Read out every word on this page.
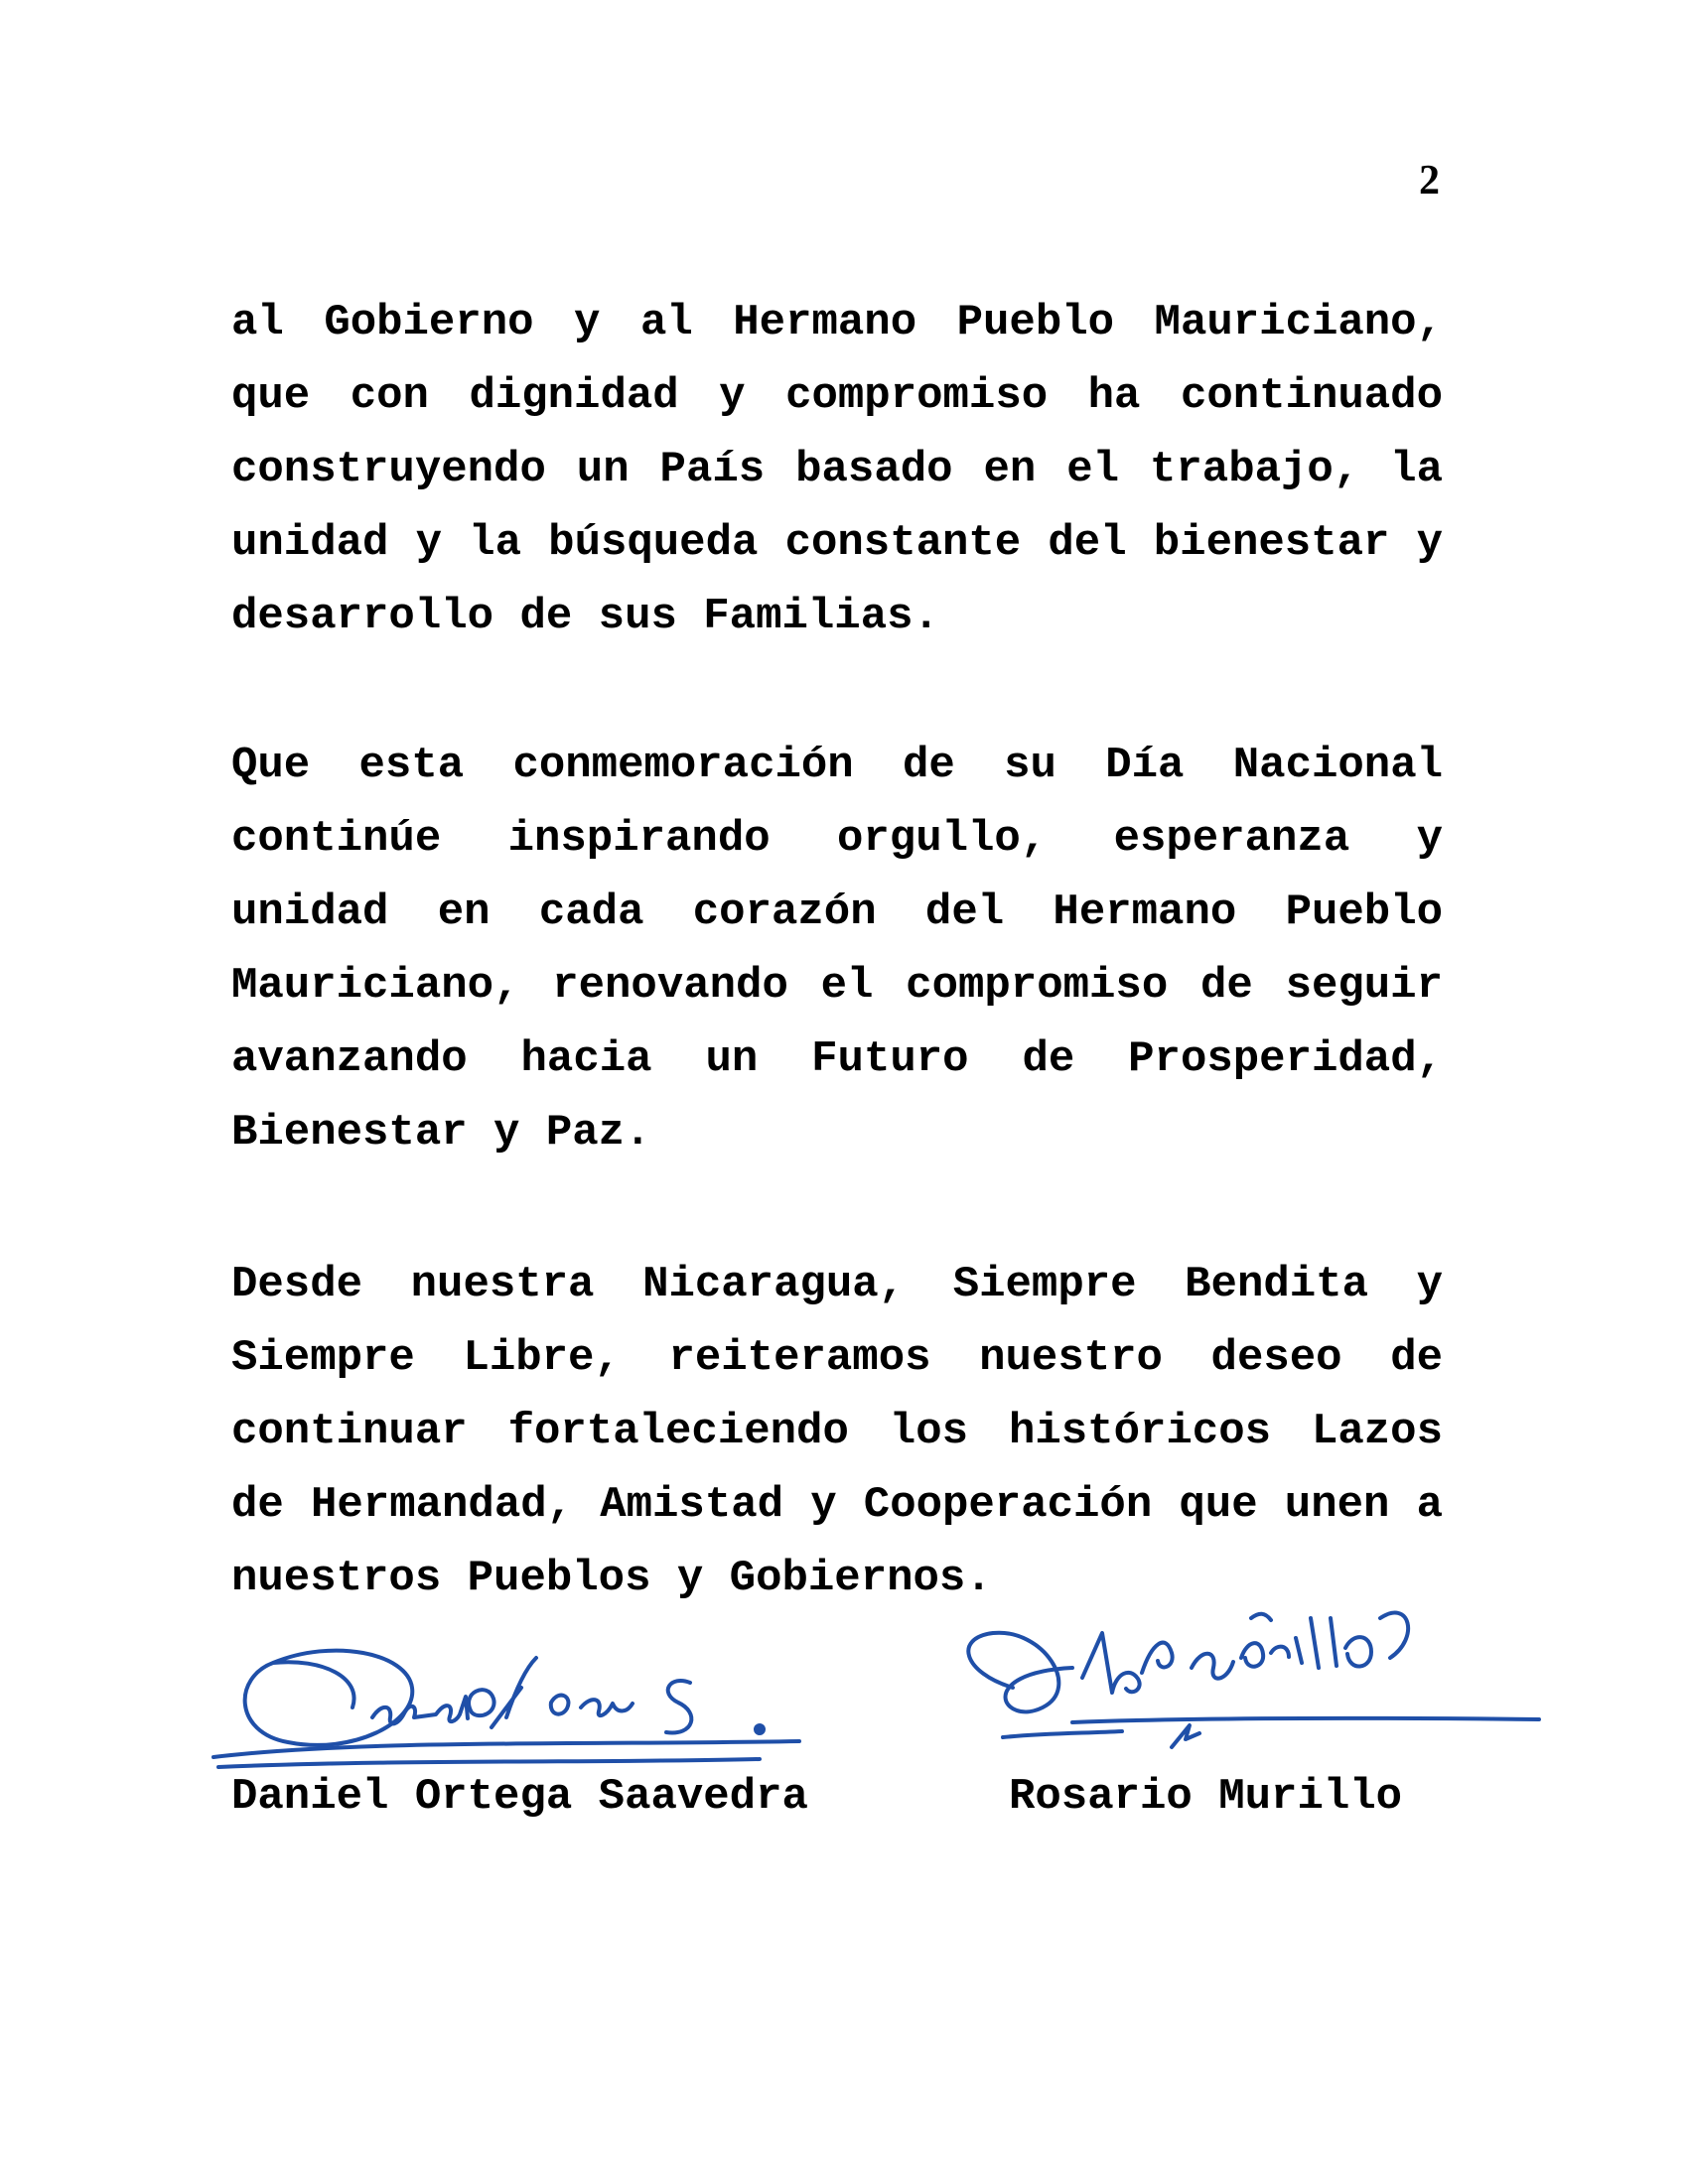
2
al Gobierno y al Hermano Pueblo Mauriciano,
que con dignidad y compromiso ha continuado
construyendo un País basado en el trabajo, la
unidad y la búsqueda constante del bienestar y
desarrollo de sus Familias.
Que esta conmemoración de su Día Nacional
continúe inspirando orgullo, esperanza y
unidad en cada corazón del Hermano Pueblo
Mauriciano, renovando el compromiso de seguir
avanzando hacia un Futuro de Prosperidad,
Bienestar y Paz.
Desde nuestra Nicaragua, Siempre Bendita y
Siempre Libre, reiteramos nuestro deseo de
continuar fortaleciendo los históricos Lazos
de Hermandad, Amistad y Cooperación que unen a
nuestros Pueblos y Gobiernos.
Daniel Ortega Saavedra	Rosario Murillo
